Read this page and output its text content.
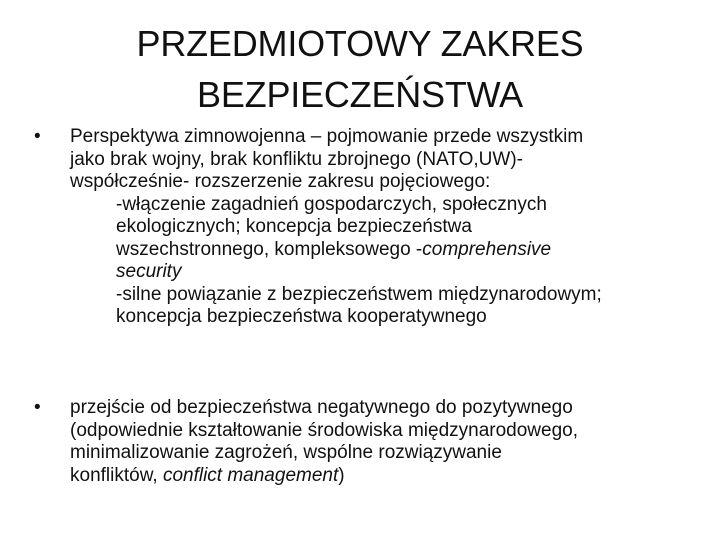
PRZEDMIOTOWY ZAKRES
BEZPIECZEŃSTWA
• Perspektywa zimnowojenna – pojmowanie przede wszystkim
jako brak wojny, brak konfliktu zbrojnego (NATO,UW)-
współcześnie- rozszerzenie zakresu pojęciowego:
-włączenie zagadnień gospodarczych, społecznych
ekologicznych; koncepcja bezpieczeństwa
wszechstronnego, kompleksowego -comprehensive
security
-silne powiązanie z bezpieczeństwem międzynarodowym;
koncepcja bezpieczeństwa kooperatywnego
• przejście od bezpieczeństwa negatywnego do pozytywnego
(odpowiednie kształtowanie środowiska międzynarodowego,
minimalizowanie zagrożeń, wspólne rozwiązywanie
konfliktów, conflict management)
